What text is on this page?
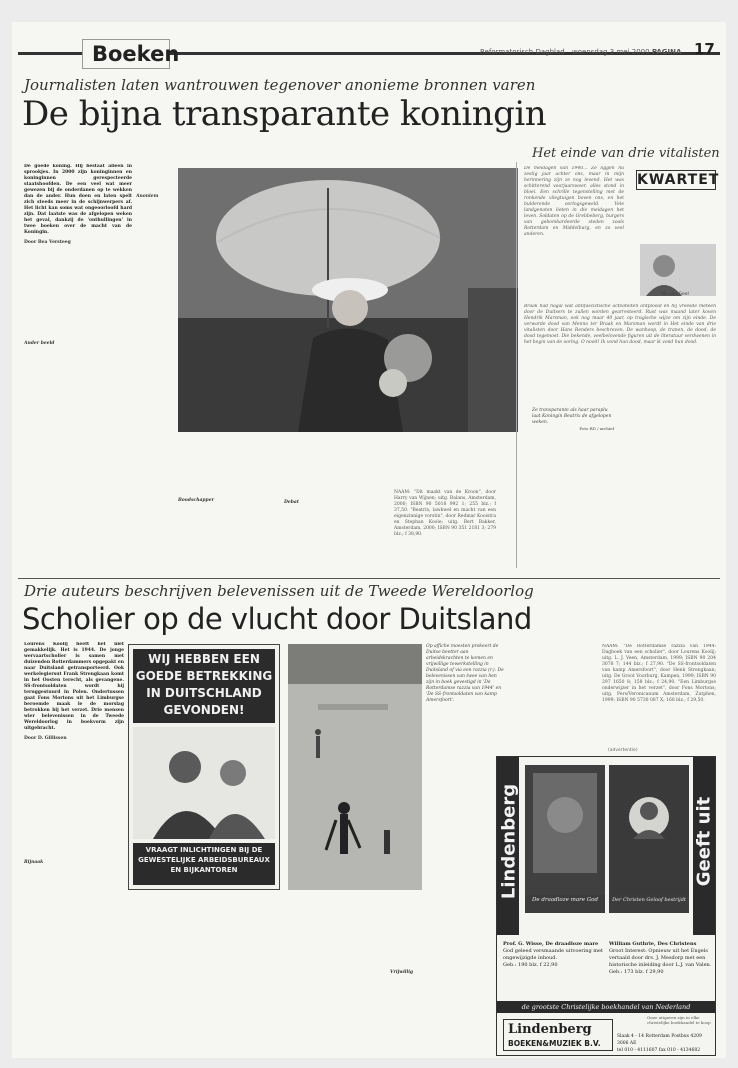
Boeken	Reformatorisch Dagblad woensdag 3 mei 2000 PAGINA 17
Journalisten laten wantrouwen tegenover anonieme bronnen varen
De bijna transparante koningin

De goede koning. Hij bestaat alleen in sprookjes. In 2000 zijn koninginnen en koninginnen gerespecteerde staatshoofden. De een veel wat meer gewezen bij de onderdanen op te wekken dan de ander. Hun doen en laten spelt zich steeds meer in de schijnwerpers af. Het licht kan soms wat ongeoorloofd hard zijn. Dat laatste was de afgelopen weken het geval, dankzij de 'onthullingen' in twee boeken over de macht van de Koningin.

Door Bea Versteeg

Ander beeld

Anoniem

Ze transparante als haar paraplu laat Koningin Beatrix de afgelopen weken.
Foto RD / archief

Boodschapper	Debat

NAAM: "Dit maakt van de Kroon", door Harry van Wijnen; uitg. Balans, Amsterdam, 2000; ISBN 90 5018 992 1; 255 blz.; f 37,50. "Beatrix, lawkwel en macht van een eigenzinnige vorstin", door Redmar Kooistra en Stephan Koole; uitg. Bert Bakker, Amsterdam, 2000; ISBN 90 351 2181 3; 279 blz.; f 38,90.

Het einde van drie vitalisten
De meidagen van 1940... Ze liggen nu zestig jaar achter ons, maar in mijn herinnering zijn ze nog levend. Het was schitterend voorjaarsweer, alles stond in bloei. Een schrille tegenstelling met de ronkende vliegtuigen boven ons, en het bulderende oorlogsgeweld. Vele landgenoten lieten in die meidagen het leven. Soldaten op de Grebbeberg, burgers van gebombardeerde steden zoals Rotterdam en Middelburg, en zo veel anderen.
KWARTET
W. van Geel
Braak had nogal wat antifascistische activiteiten ontplooid en hij vreesde meteen door de Duitsers te zullen worden gearresteerd. Rust was maand later koven Hendrik Marsman, ook nog maar 40 jaar, op tragische wijze om zijn einde. De verwarde dood van Menno ter Braak en Marsman wordt in Het einde van drie vitalisten door Hans Renders beschreven. De wanhoop, de tranen, de dood, de dood tegemoet. Die bekende, veelbelovende figuren uit de literatuur verdwenen in het begin van de oorlog. O nooit! Ik vond hun dood, maar ik vond hun dood.
Drie auteurs beschrijven belevenissen uit de Tweede Wereldoorlog
Scholier op de vlucht door Duitsland

Lourens Koolij heeft het niet gemakkelijk. Het is 1944. De jonge wervaartscholier is samen met duizenden Rotterdammers opgepakt en naar Duitsland getransporteerd. Ook werkelegiersut Frank Strengkaan komt in het Oosten terecht, als gevangene. SS-frontsoldaten wordt hij teruggestuurd in Polen. Ondertussen gaat Fons Mortons uit het Limburgse beroemde maak le de morslag betrokken bij het verzet. Drie mensen wier belevenissen in de Tweede Wereldoorlog in boekvorm zijn uitgebracht.

Door D. Gillissen

Rijnaak

WIJ HEBBEN EEN
GOEDE BETREKKING
IN DUITSCHLAND
GEVONDEN!
VRAAGT INLICHTINGEN BIJ DE GEWESTELIJKE ARBEIDSBUREAUX EN BIJKANTOREN
Op affiche moesten prokeert de Duitse beetter aan arbeidskrachten te komen en vrijwillige tewerkstelling in Duitsland of via een razzia (r.). De belevenissen van twee van hen zijn in boek gevestigd in 'De Rotterdamse razzia van 1944' en 'De SS-frontsoldaten van kamp Amersfoort'.

Vrijwillig

NAAM: "De Rotterdamse razzia van 1944: Dagboek van een scholier", door Lourens Koolij; uitg. L. J. Veen, Amsterdam, 1999; ISBN 90 204 3078 7; 144 blz.; f 27,90. "De SS-frontsoldaten van kamp Amersfoort", door Henk Strengkaan; uitg. De Groot Voorburg, Kampen, 1999; ISBN 90 297 1650 8; 158 blz.; f 24,90. "Een Limburgse onderwijzer in het verzet", door Fons Mortons; uitg. Pers/Veronicanum Amsterdam, Zutphen, 1999; ISBN 90 5730 087 X; 168 blz.; f 29,50.
(advertentie)
Lindenberg	Geeft uit
De draadloze mare God	Der Christen Geloof bestrijdt
Prof. G. Wisse, De draadloze mare
God geleed versmaande uitvoering met ongewijzigde inhoud.
Geb.: 190 blz. f 22,90
William Guthrie, Des Christens
Groot Interest: Opnieuw uit het Engels vertaald door drs. J. Mesdorp met een historische inleiding door L.J. van Valen.
Geb.: 173 blz. f 29,90
de grootste Christelijke boekhandel van Nederland
Lindenberg
BOEKEN&MUZIEK B.V.
Onze uitgaven zijn in elke christelijke boekhandel te koop
Slaak 4 - 14 Rotterdam Postbus 4209 3006 AE
tel 010 - 4111607 fax 010 - 4134682
